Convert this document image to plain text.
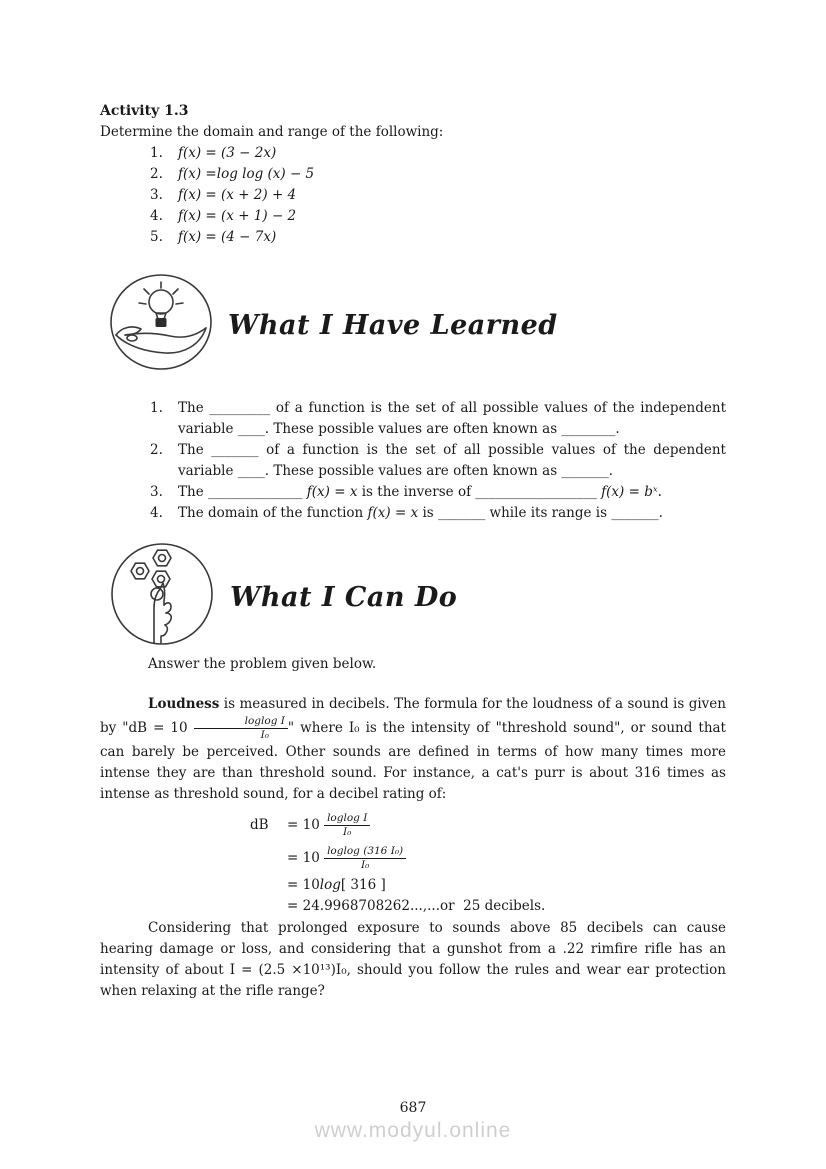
Activity 1.3
Determine the domain and range of the following:
1. f(x) = (3 − 2x)
2. f(x) =log log (x) − 5
3. f(x) = (x + 2) + 4
4. f(x) = (x + 1) − 2
5. f(x) = (4 − 7x)
What I Have Learned
1.	The _________ of a function is the set of all possible values of the independent variable ____. These possible values are often known as ________.
2.	The _______ of a function is the set of all possible values of the dependent variable ____. These possible values are often known as _______.
3.	The ______________ f(x) = x is the inverse of __________________ f(x) = bˣ.
4.	The domain of the function f(x) = x is _______ while its range is _______.
What I Can Do
Answer the problem given below.

Loudness is measured in decibels. The formula for the loudness of a sound is given by "dB = $10 \frac{\text{loglog I}}{\text{I₀}}$ " where I₀ is the intensity of "threshold sound", or sound that can barely be perceived. Other sounds are defined in terms of how many times more intense they are than threshold sound. For instance, a cat's purr is about 316 times as intense as threshold sound, for a decibel rating of:

dB	= $10 \frac{\text{loglog I}}{\text{I₀}}$
= $10 \frac{\text{loglog (316 I₀)}}{\text{I₀}}$
= 10log[ 316 ]
= 24.9968708262...,...or  25 decibels.

Considering that prolonged exposure to sounds above 85 decibels can cause hearing damage or loss, and considering that a gunshot from a .22 rimfire rifle has an intensity of about I = (2.5 ×10¹³)I₀, should you follow the rules and wear ear protection when relaxing at the rifle range?

687
www.modyul.online
